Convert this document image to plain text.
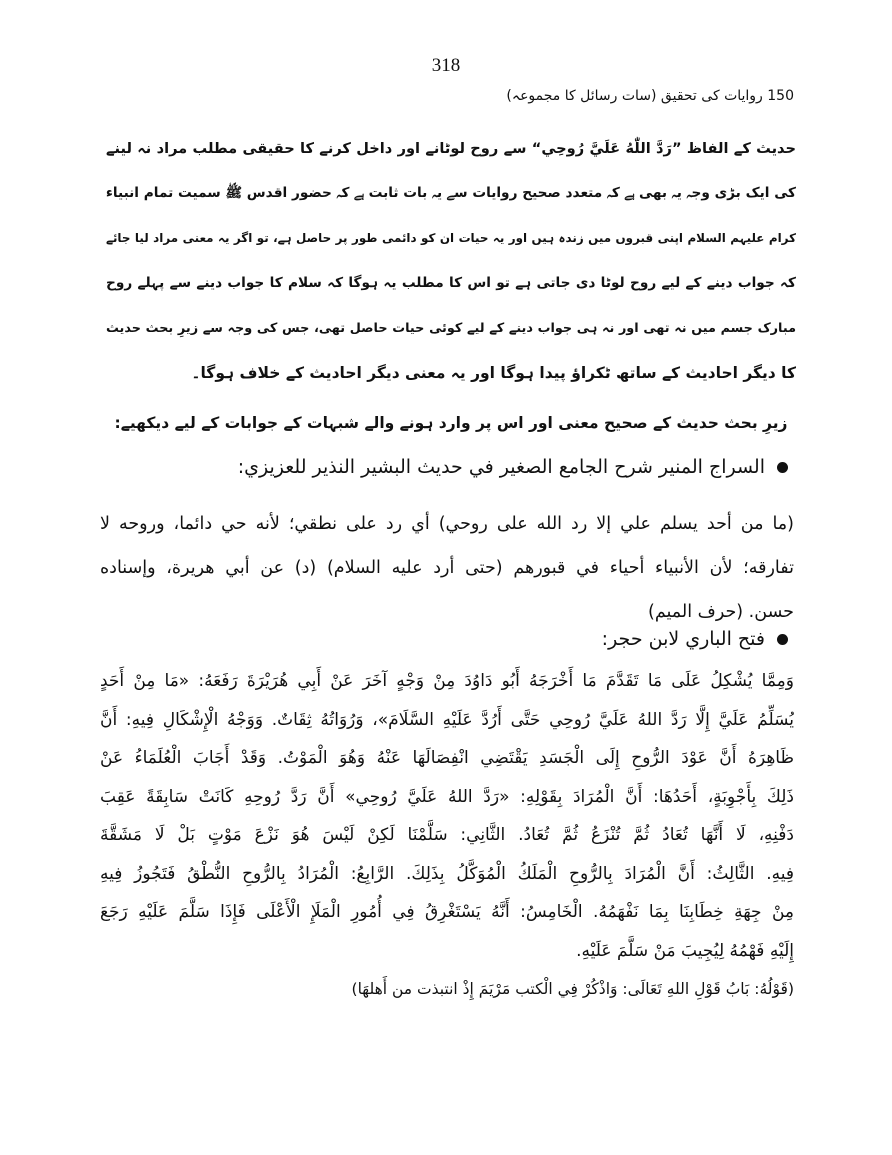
318
150 روایات کی تحقیق (سات رسائل کا مجموعہ)
حدیث کے الفاظ ”رَدَّ اللّٰهُ عَلَيَّ رُوحِي“ سے روح لوٹانے اور داخل کرنے کا حقیقی مطلب مراد نہ لینے
کی ایک بڑی وجہ یہ بھی ہے کہ متعدد صحیح روایات سے یہ بات ثابت ہے کہ حضور اقدس ﷺ سمیت تمام انبیاء
کرام علیہم السلام اپنی قبروں میں زندہ ہیں اور یہ حیات ان کو دائمی طور پر حاصل ہے، تو اگر یہ معنی مراد لیا جائے
کہ جواب دینے کے لیے روح لوٹا دی جاتی ہے تو اس کا مطلب یہ ہوگا کہ سلام کا جواب دینے سے پہلے روح
مبارک جسم میں نہ تھی اور نہ ہی جواب دینے کے لیے کوئی حیات حاصل تھی، جس کی وجہ سے زیرِ بحث حدیث
کا دیگر احادیث کے ساتھ ٹکراؤ پیدا ہوگا اور یہ معنی دیگر احادیث کے خلاف ہوگا۔
زیرِ بحث حدیث کے صحیح معنی اور اس پر وارد ہونے والے شبہات کے جوابات کے لیے دیکھیے:
السراج المنير شرح الجامع الصغير في حديث البشير النذير للعزيزي:
(ما من أحد يسلم علي إلا رد الله على روحي) أي رد على نطقي؛ لأنه حي دائما، وروحه لا
تفارقه؛ لأن الأنبياء أحياء في قبورهم (حتى أرد عليه السلام) (د) عن أبي هريرة، وإسناده
حسن. (حرف الميم)
فتح الباري لابن حجر:
وَمِمَّا يُشْكِلُ عَلَى مَا تَقَدَّمَ مَا أَخْرَجَهُ أَبُو دَاوُدَ مِنْ وَجْهٍ آخَرَ عَنْ أَبِي هُرَيْرَةَ رَفَعَهُ: «مَا مِنْ أَحَدٍ
يُسَلِّمُ عَلَيَّ إِلَّا رَدَّ اللهُ عَلَيَّ رُوحِي حَتَّى أَرُدَّ عَلَيْهِ السَّلَامَ»، وَرُوَاتُهُ ثِقَاتٌ. وَوَجْهُ الْإِشْكَالِ فِيهِ: أَنَّ
ظَاهِرَهُ أَنَّ عَوْدَ الرُّوحِ إِلَى الْجَسَدِ يَقْتَضِي انْفِصَالَهَا عَنْهُ وَهُوَ الْمَوْتُ. وَقَدْ أَجَابَ الْعُلَمَاءُ عَنْ
ذَلِكَ بِأَجْوِبَةٍ، أَحَدُهَا: أَنَّ الْمُرَادَ بِقَوْلِهِ: «رَدَّ اللهُ عَلَيَّ رُوحِي» أَنَّ رَدَّ رُوحِهِ كَانَتْ سَابِقَةً عَقِبَ
دَفْنِهِ، لَا أَنَّهَا تُعَادُ ثُمَّ تُنْزَعُ ثُمَّ تُعَادُ. الثَّانِي: سَلَّمْنَا لَكِنْ لَيْسَ هُوَ نَزْعَ مَوْتٍ بَلْ لَا مَشَقَّةَ
فِيهِ. الثَّالِثُ: أَنَّ الْمُرَادَ بِالرُّوحِ الْمَلَكُ الْمُوَكَّلُ بِذَلِكَ. الرَّابِعُ: الْمُرَادُ بِالرُّوحِ النُّطْقُ فَتَجُوزُ فِيهِ
مِنْ جِهَةِ خِطَابِنَا بِمَا نَفْهَمُهُ. الْخَامِسُ: أَنَّهُ يَسْتَغْرِقُ فِي أُمُورِ الْمَلَإِ الْأَعْلَى فَإِذَا سَلَّمَ عَلَيْهِ رَجَعَ
إِلَيْهِ فَهْمُهُ لِيُجِيبَ مَنْ سَلَّمَ عَلَيْهِ.
(قَوْلُهُ: بَابُ قَوْلِ اللهِ تَعَالَى: وَاذْكُرْ فِي الْكتب مَرْيَمَ إِذْ انتبذت من أَهلهَا)
